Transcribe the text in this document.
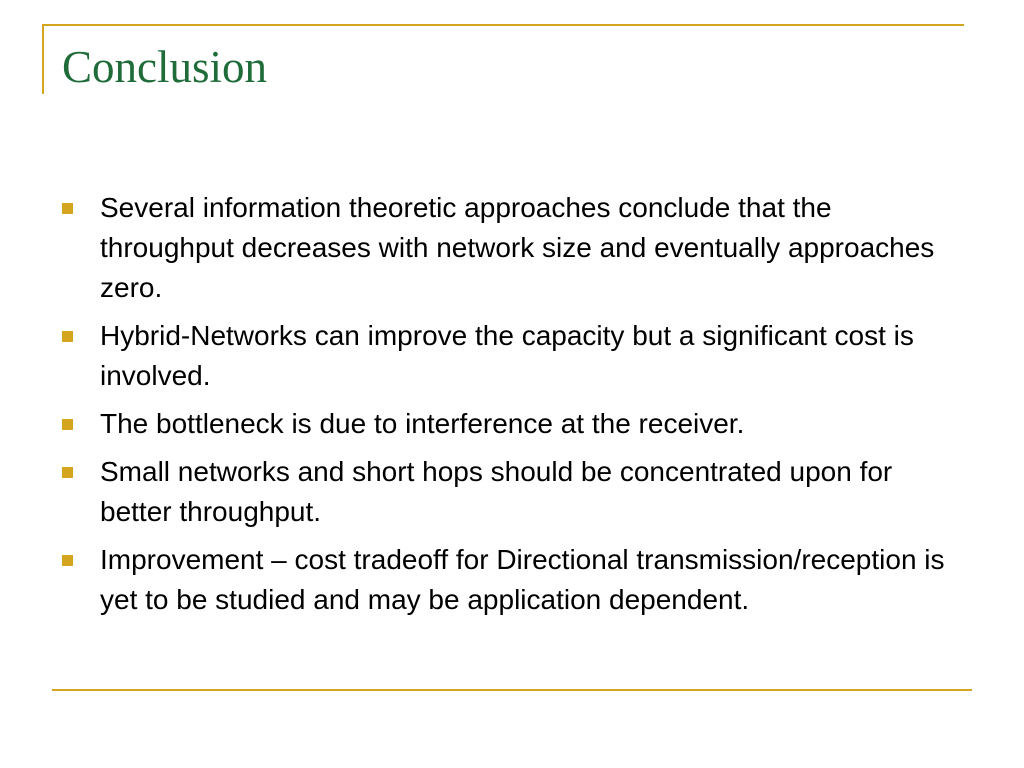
Conclusion
Several information theoretic approaches conclude that the throughput decreases with network size and eventually approaches zero.
Hybrid-Networks can improve the capacity but a significant cost is involved.
The bottleneck is due to interference at the receiver.
Small networks and short hops should be concentrated upon for better throughput.
Improvement – cost tradeoff for Directional transmission/reception is yet to be studied and may be application dependent.
